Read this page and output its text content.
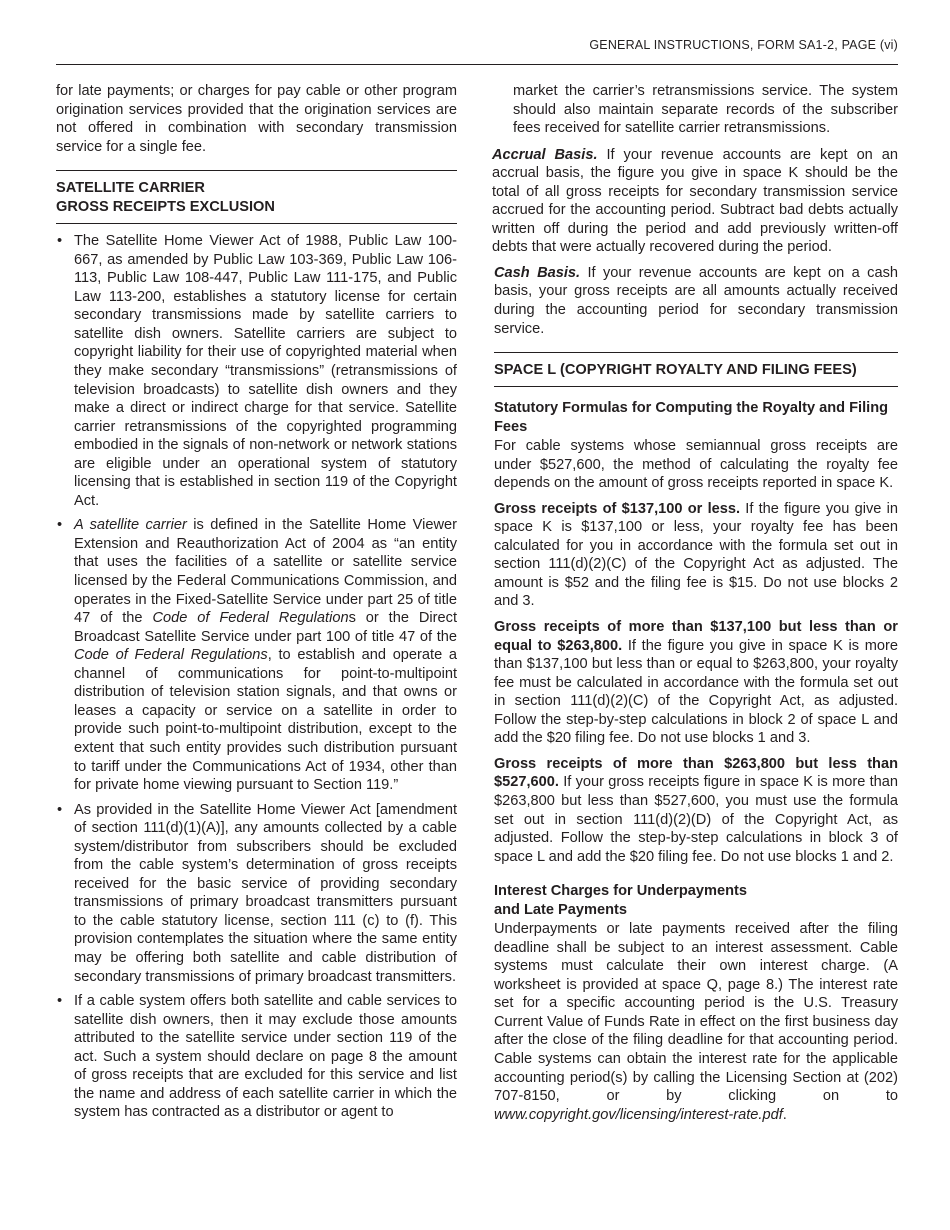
GENERAL INSTRUCTIONS, FORM SA1-2, PAGE (vi)

for late payments; or charges for pay cable or other program origination services provided that the origination services are not offered in combination with secondary transmission service for a single fee.

SATELLITE CARRIER
GROSS RECEIPTS EXCLUSION
• The Satellite Home Viewer Act of 1988, Public Law 100-667, as amended by Public Law 103-369, Public Law 106-113, Public Law 108-447, Public Law 111-175, and Public Law 113-200, establishes a statutory license for certain secondary transmissions made by satellite carriers to satellite dish owners. Satellite carriers are subject to copyright liability for their use of copyrighted material when they make secondary “transmissions” (retransmissions of television broadcasts) to satellite dish owners and they make a direct or indirect charge for that service. Satellite carrier retransmissions of the copyrighted programming embodied in the signals of non-network or network stations are eligible under an operational system of statutory licensing that is established in section 119 of the Copyright Act.
• A satellite carrier is defined in the Satellite Home Viewer Extension and Reauthorization Act of 2004 as “an entity that uses the facilities of a satellite or satellite service licensed by the Federal Communications Commission, and operates in the Fixed-Satellite Service under part 25 of title 47 of the Code of Federal Regulations or the Direct Broadcast Satellite Service under part 100 of title 47 of the Code of Federal Regulations, to establish and operate a channel of communications for point-to-multipoint distribution of television station signals, and that owns or leases a capacity or service on a satellite in order to provide such point-to-multipoint distribution, except to the extent that such entity provides such distribution pursuant to tariff under the Communications Act of 1934, other than for private home viewing pursuant to Section 119.”
• As provided in the Satellite Home Viewer Act [amendment of section 111(d)(1)(A)], any amounts collected by a cable system/distributor from subscribers should be excluded from the cable system’s determination of gross receipts received for the basic service of providing secondary transmissions of primary broadcast transmitters pursuant to the cable statutory license, section 111 (c) to (f). This provision contemplates the situation where the same entity may be offering both satellite and cable distribution of secondary transmissions of primary broadcast transmitters.
• If a cable system offers both satellite and cable services to satellite dish owners, then it may exclude those amounts attributed to the satellite service under section 119 of the act. Such a system should declare on page 8 the amount of gross receipts that are excluded for this service and list the name and address of each satellite carrier in which the system has contracted as a distributor or agent to

market the carrier’s retransmissions service. The system should also maintain separate records of the subscriber fees received for satellite carrier retransmissions.

Accrual Basis. If your revenue accounts are kept on an accrual basis, the figure you give in space K should be the total of all gross receipts for secondary transmission service accrued for the accounting period. Subtract bad debts actually written off during the period and add previously written-off debts that were actually recovered during the period.

Cash Basis. If your revenue accounts are kept on a cash basis, your gross receipts are all amounts actually received during the accounting period for secondary transmission service.

SPACE L (COPYRIGHT ROYALTY AND FILING FEES)
Statutory Formulas for Computing the Royalty and Filing Fees

For cable systems whose semiannual gross receipts are under $527,600, the method of calculating the royalty fee depends on the amount of gross receipts reported in space K.

Gross receipts of $137,100 or less. If the figure you give in space K is $137,100 or less, your royalty fee has been calculated for you in accordance with the formula set out in section 111(d)(2)(C) of the Copyright Act as adjusted. The amount is $52 and the filing fee is $15. Do not use blocks 2 and 3.

Gross receipts of more than $137,100 but less than or equal to $263,800. If the figure you give in space K is more than $137,100 but less than or equal to $263,800, your royalty fee must be calculated in accordance with the formula set out in section 111(d)(2)(C) of the Copyright Act, as adjusted. Follow the step-by-step calculations in block 2 of space L and add the $20 filing fee. Do not use blocks 1 and 3.

Gross receipts of more than $263,800 but less than $527,600. If your gross receipts figure in space K is more than $263,800 but less than $527,600, you must use the formula set out in section 111(d)(2)(D) of the Copyright Act, as adjusted. Follow the step-by-step calculations in block 3 of space L and add the $20 filing fee. Do not use blocks 1 and 2.

Interest Charges for Underpayments
and Late Payments

Underpayments or late payments received after the filing deadline shall be subject to an interest assessment. Cable systems must calculate their own interest charge. (A worksheet is provided at space Q, page 8.) The interest rate set for a specific accounting period is the U.S. Treasury Current Value of Funds Rate in effect on the first business day after the close of the filing deadline for that accounting period. Cable systems can obtain the interest rate for the applicable accounting period(s) by calling the Licensing Section at (202) 707-8150, or by clicking on to www.copyright.gov/licensing/interest-rate.pdf.
